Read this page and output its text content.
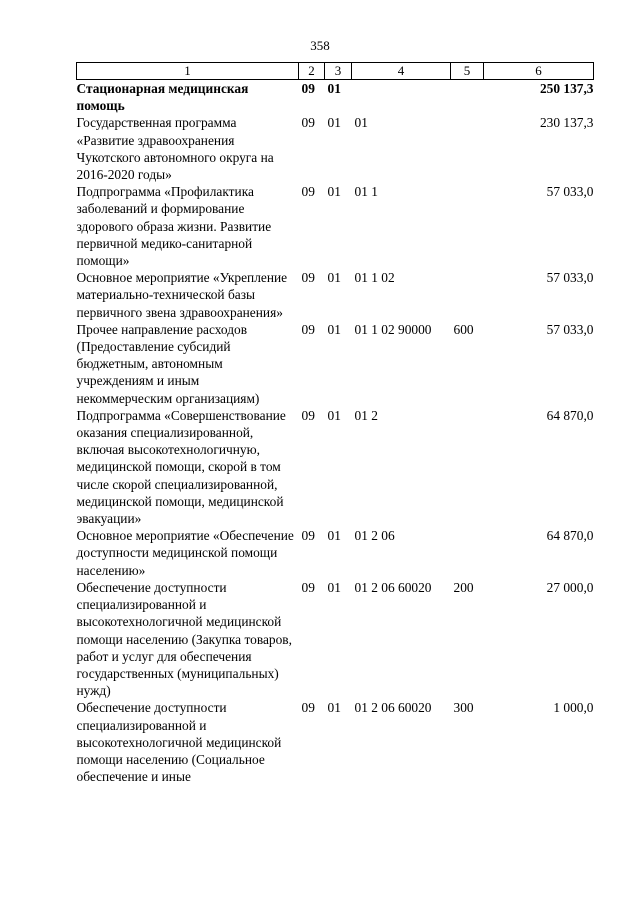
358
1	2	3	4	5	6
Стационарная медицинская помощь	09	01			250 137,3
Государственная программа «Развитие здравоохранения Чукотского автономного округа на 2016-2020 годы»	09	01	01		230 137,3
Подпрограмма «Профилактика заболеваний и формирование здорового образа жизни. Развитие первичной медико-санитарной помощи»	09	01	01 1		57 033,0
Основное мероприятие «Укрепление материально-технической базы первичного звена здравоохранения»	09	01	01 1 02		57 033,0
Прочее направление расходов (Предоставление субсидий бюджетным, автономным учреждениям и иным некоммерческим организациям)	09	01	01 1 02 90000	600	57 033,0
Подпрограмма «Совершенствование оказания специализированной, включая высокотехнологичную, медицинской помощи, скорой в том числе скорой специализированной, медицинской помощи, медицинской эвакуации»	09	01	01 2		64 870,0
Основное мероприятие «Обеспечение доступности медицинской помощи населению»	09	01	01 2 06		64 870,0
Обеспечение доступности специализированной и высокотехнологичной медицинской помощи населению (Закупка товаров, работ и услуг для обеспечения государственных (муниципальных) нужд)	09	01	01 2 06 60020	200	27 000,0
Обеспечение доступности специализированной и высокотехнологичной медицинской помощи населению (Социальное обеспечение и иные	09	01	01 2 06 60020	300	1 000,0
